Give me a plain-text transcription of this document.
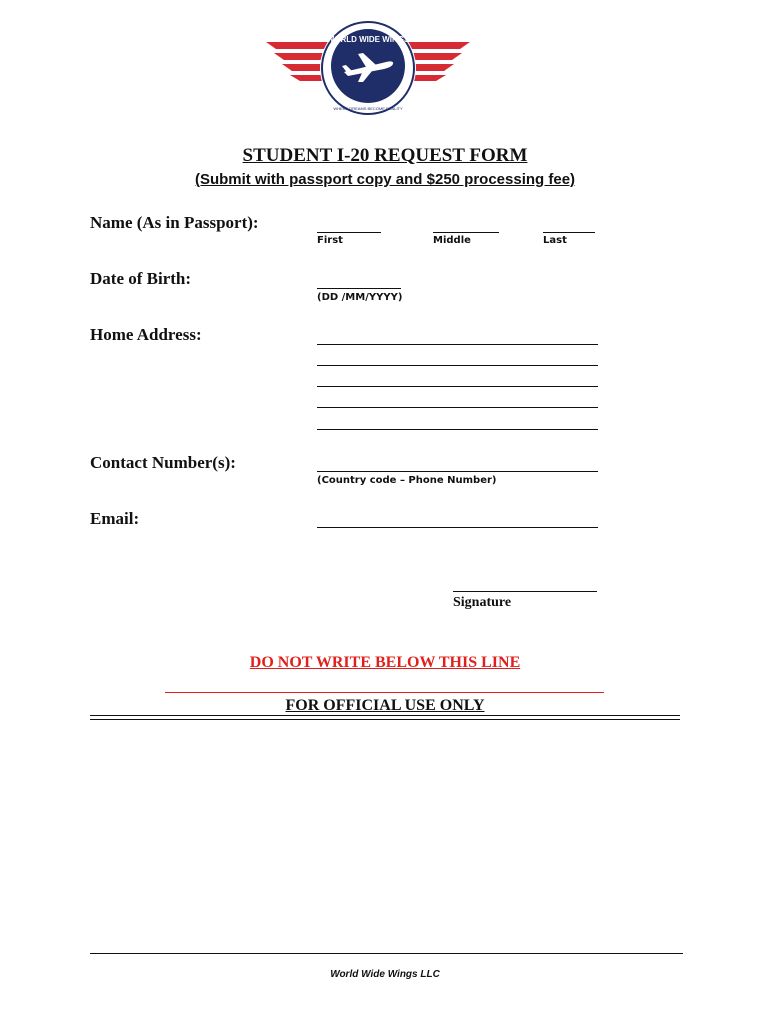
WORLD WIDE WINGS
WHERE DREAMS BECOME REALITY
STUDENT I-20 REQUEST FORM
(Submit with passport copy and $250 processing fee)
Name (As in Passport):
First	Middle	Last
Date of Birth:
(DD /MM/YYYY)
Home Address:
Contact Number(s):
(Country code – Phone Number)
Email:
Signature
DO NOT WRITE BELOW THIS LINE
FOR OFFICIAL USE ONLY
World Wide Wings LLC
